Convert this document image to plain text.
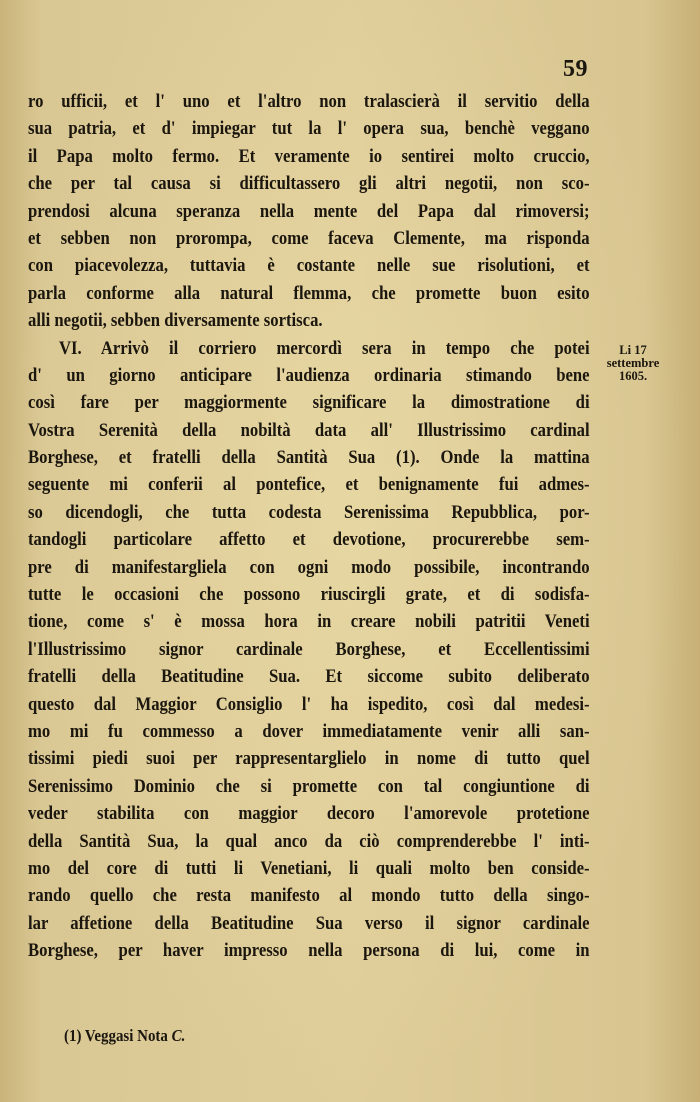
59
ro ufficii, et l' uno et l'altro non tralascierà il servitio della
sua patria, et d' impiegar tut la l' opera sua, benchè veggano
il Papa molto fermo. Et veramente io sentirei molto cruccio,
che per tal causa si difficultassero gli altri negotii, non sco-
prendosi alcuna speranza nella mente del Papa dal rimoversi;
et sebben non prorompa, come faceva Clemente, ma risponda
con piacevolezza, tuttavia è costante nelle sue risolutioni, et
parla conforme alla natural flemma, che promette buon esito
alli negotii, sebben diversamente sortisca.
VI. Arrivò il corriero mercordì sera in tempo che potei
d' un giorno anticipare l'audienza ordinaria stimando bene
così fare per maggiormente significare la dimostratione di
Vostra Serenità della nobiltà data all' Illustrissimo cardinal
Borghese, et fratelli della Santità Sua (1). Onde la mattina
seguente mi conferii al pontefice, et benignamente fui admes-
so dicendogli, che tutta codesta Serenissima Repubblica, por-
tandogli particolare affetto et devotione, procurerebbe sem-
pre di manifestargliela con ogni modo possibile, incontrando
tutte le occasioni che possono riuscirgli grate, et di sodisfa-
tione, come s' è mossa hora in creare nobili patritii Veneti
l'Illustrissimo signor cardinale Borghese, et Eccellentissimi
fratelli della Beatitudine Sua. Et siccome subito deliberato
questo dal Maggior Consiglio l' ha ispedito, così dal medesi-
mo mi fu commesso a dover immediatamente venir alli san-
tissimi piedi suoi per rappresentarglielo in nome di tutto quel
Serenissimo Dominio che si promette con tal congiuntione di
veder stabilita con maggior decoro l'amorevole protetione
della Santità Sua, la qual anco da ciò comprenderebbe l' inti-
mo del core di tutti li Venetiani, li quali molto ben conside-
rando quello che resta manifesto al mondo tutto della singo-
lar affetione della Beatitudine Sua verso il signor cardinale
Borghese, per haver impresso nella persona di lui, come in
Li 17
settembre
1605.
(1) Veggasi Nota C.
